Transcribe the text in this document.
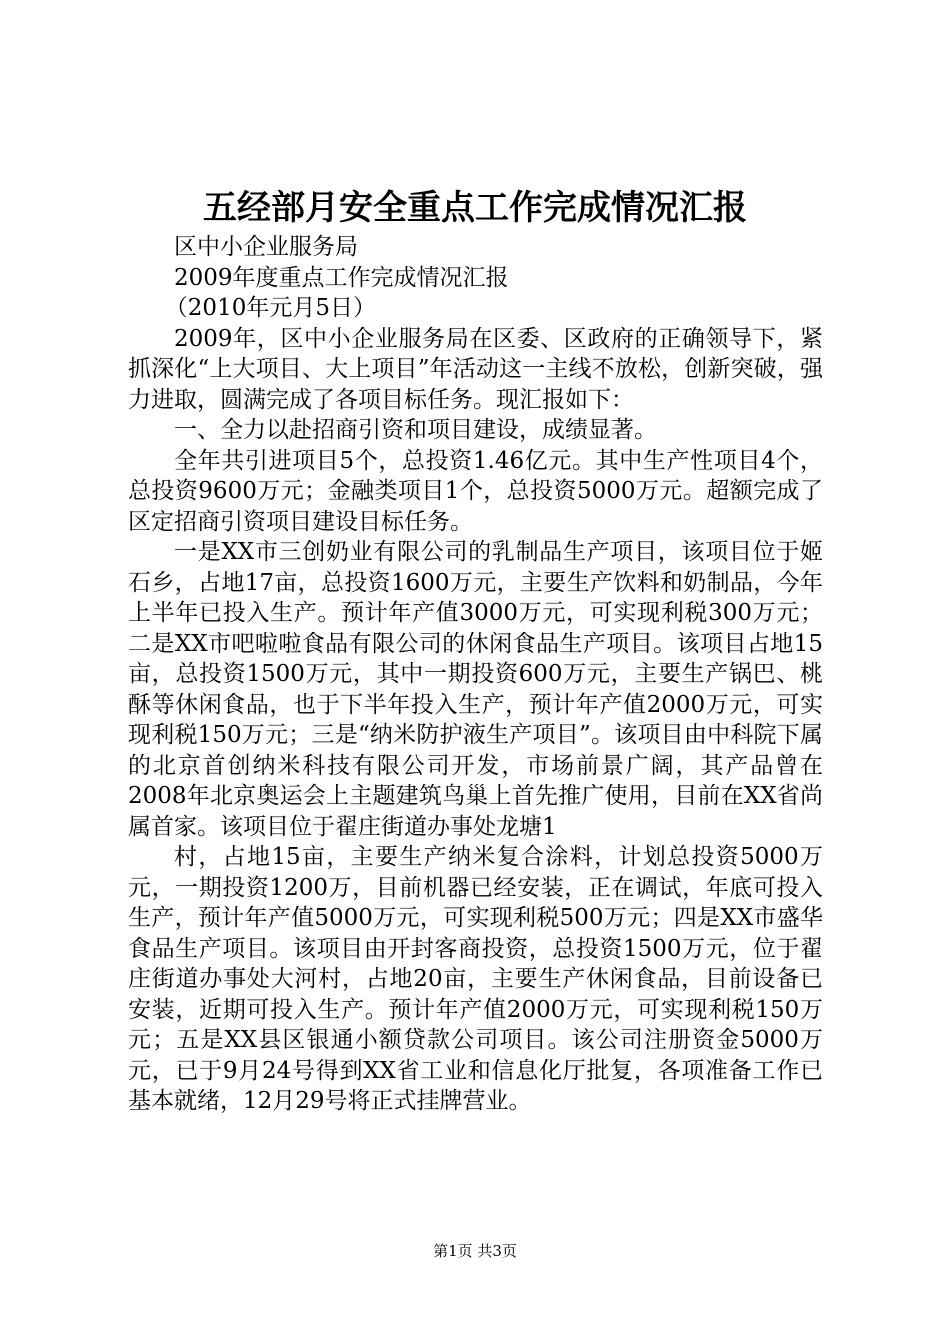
五经部月安全重点工作完成情况汇报

区中小企业服务局

2009年度重点工作完成情况汇报

（2010年元月5日）

2009年，区中小企业服务局在区委、区政府的正确领导下，紧抓深化“上大项目、大上项目”年活动这一主线不放松，创新突破，强力进取，圆满完成了各项目标任务。现汇报如下：

一、全力以赴招商引资和项目建设，成绩显著。

全年共引进项目5个，总投资1.46亿元。其中生产性项目4个，总投资9600万元；金融类项目1个，总投资5000万元。超额完成了区定招商引资项目建设目标任务。

一是XX市三创奶业有限公司的乳制品生产项目，该项目位于姬石乡，占地17亩，总投资1600万元，主要生产饮料和奶制品，今年上半年已投入生产。预计年产值3000万元，可实现利税300万元；二是XX市吧啦啦食品有限公司的休闲食品生产项目。该项目占地15亩，总投资1500万元，其中一期投资600万元，主要生产锅巴、桃酥等休闲食品，也于下半年投入生产，预计年产值2000万元，可实现利税150万元；三是“纳米防护液生产项目”。该项目由中科院下属的北京首创纳米科技有限公司开发，市场前景广阔，其产品曾在2008年北京奥运会上主题建筑鸟巢上首先推广使用，目前在XX省尚属首家。该项目位于翟庄街道办事处龙塘1

村，占地15亩，主要生产纳米复合涂料，计划总投资5000万元，一期投资1200万，目前机器已经安装，正在调试，年底可投入生产，预计年产值5000万元，可实现利税500万元；四是XX市盛华食品生产项目。该项目由开封客商投资，总投资1500万元，位于翟庄街道办事处大河村，占地20亩，主要生产休闲食品，目前设备已安装，近期可投入生产。预计年产值2000万元，可实现利税150万元；五是XX县区银通小额贷款公司项目。该公司注册资金5000万元，已于9月24号得到XX省工业和信息化厅批复，各项准备工作已基本就绪，12月29号将正式挂牌营业。

第1页 共3页
